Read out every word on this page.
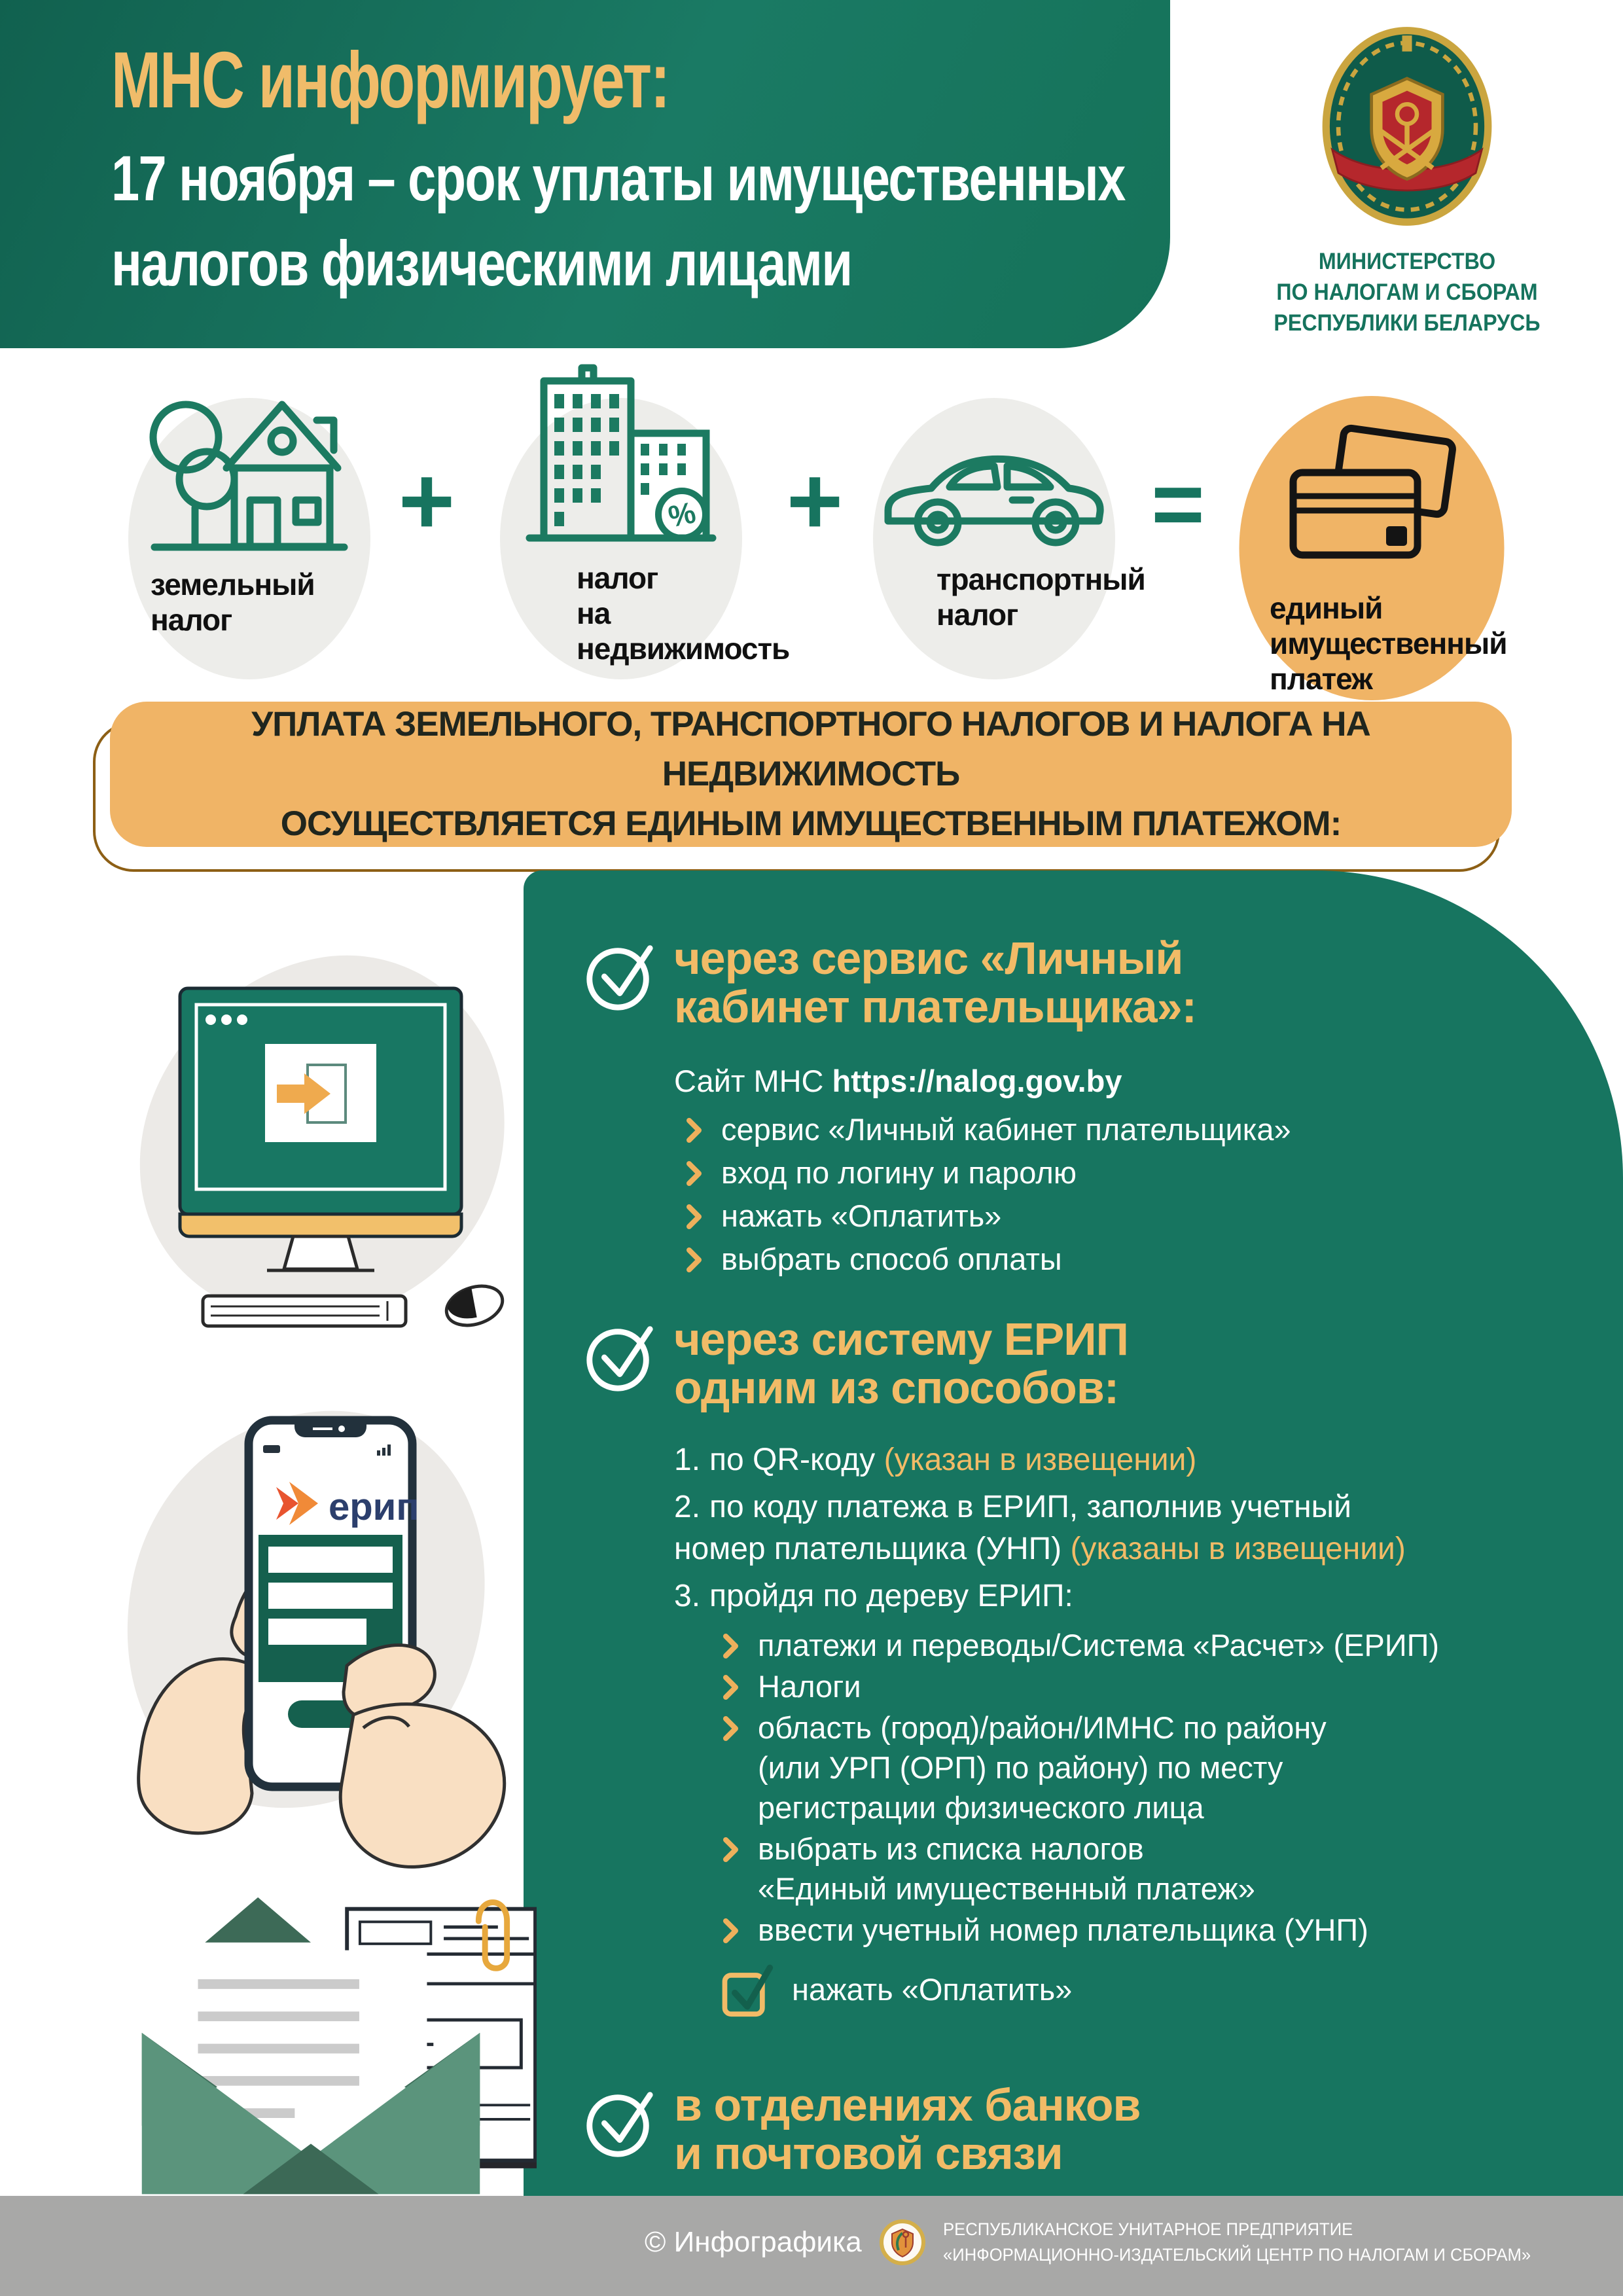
МНС информирует:
17 ноября – срок уплаты имущественных
налогов физическими лицами	МИНИСТЕРСТВО
ПО НАЛОГАМ И СБОРАМ
РЕСПУБЛИКИ БЕЛАРУСЬ
земельный
налог
+	%
налог
на недвижимость
+
транспортный
налог
=
единый
имущественный
платеж
УПЛАТА ЗЕМЕЛЬНОГО, ТРАНСПОРТНОГО НАЛОГОВ И НАЛОГА НА НЕДВИЖИМОСТЬ
ОСУЩЕСТВЛЯЕТСЯ ЕДИНЫМ ИМУЩЕСТВЕННЫМ ПЛАТЕЖОМ:
через сервис «Личный
кабинет плательщика»:
Сайт МНС https://nalog.gov.by
сервис «Личный кабинет плательщика»
вход по логину и паролю
нажать «Оплатить»
выбрать способ оплаты
через систему ЕРИП
одним из способов:
1. по QR-коду (указан в извещении)
2. по коду платежа в ЕРИП, заполнив учетный
номер плательщика (УНП) (указаны в извещении)
3. пройдя по дереву ЕРИП:
платежи и переводы/Система «Расчет» (ЕРИП)
Налоги
область (город)/район/ИМНС по району
(или УРП (ОРП) по району) по месту
регистрации физического лица
выбрать из списка налогов
«Единый имущественный платеж»
ввести учетный номер плательщика (УНП)
нажать «Оплатить»
в отделениях банков
и почтовой связи
ерип
© Инфографика	РЕСПУБЛИКАНСКОЕ УНИТАРНОЕ ПРЕДПРИЯТИЕ
«ИНФОРМАЦИОННО-ИЗДАТЕЛЬСКИЙ ЦЕНТР ПО НАЛОГАМ И СБОРАМ»
